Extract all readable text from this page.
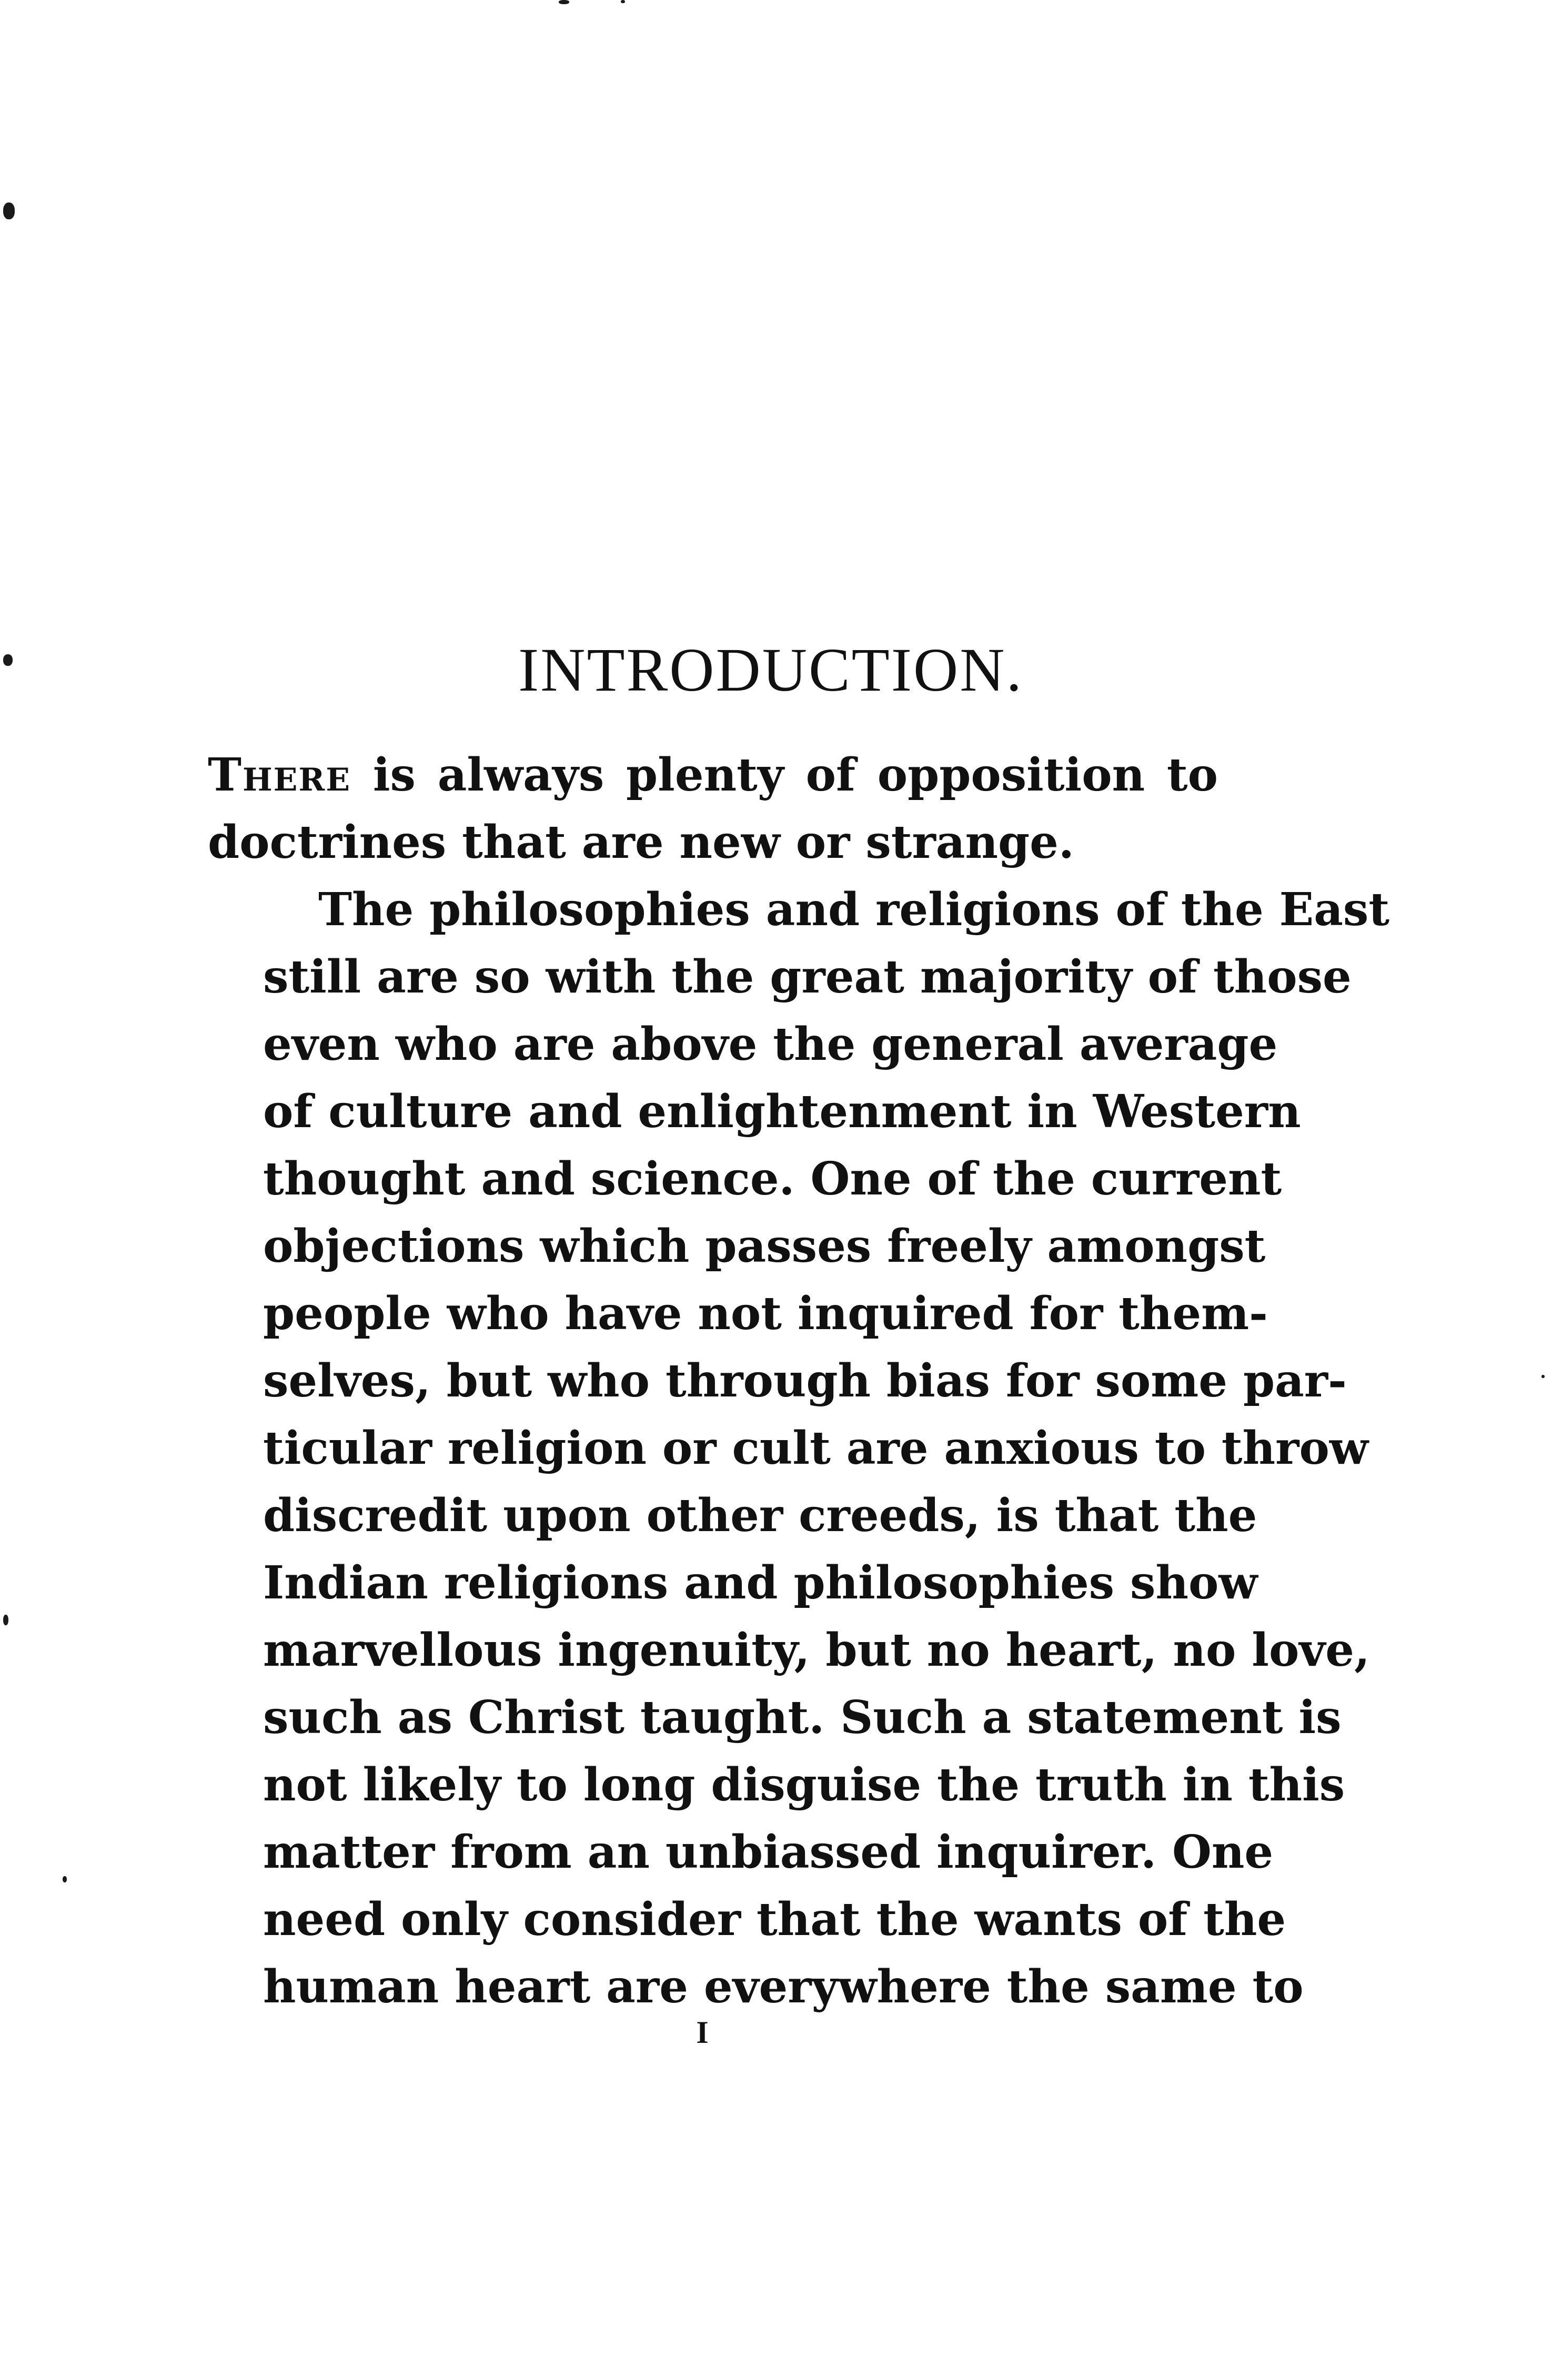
INTRODUCTION.

There is always plenty of opposition to
doctrines that are new or strange.

The philosophies and religions of the East
still are so with the great majority of those
even who are above the general average
of culture and enlightenment in Western
thought and science. One of the current
objections which passes freely amongst
people who have not inquired for them-
selves, but who through bias for some par-
ticular religion or cult are anxious to throw
discredit upon other creeds, is that the
Indian religions and philosophies show
marvellous ingenuity, but no heart, no love,
such as Christ taught. Such a statement is
not likely to long disguise the truth in this
matter from an unbiassed inquirer. One
need only consider that the wants of the
human heart are everywhere the same to

I
